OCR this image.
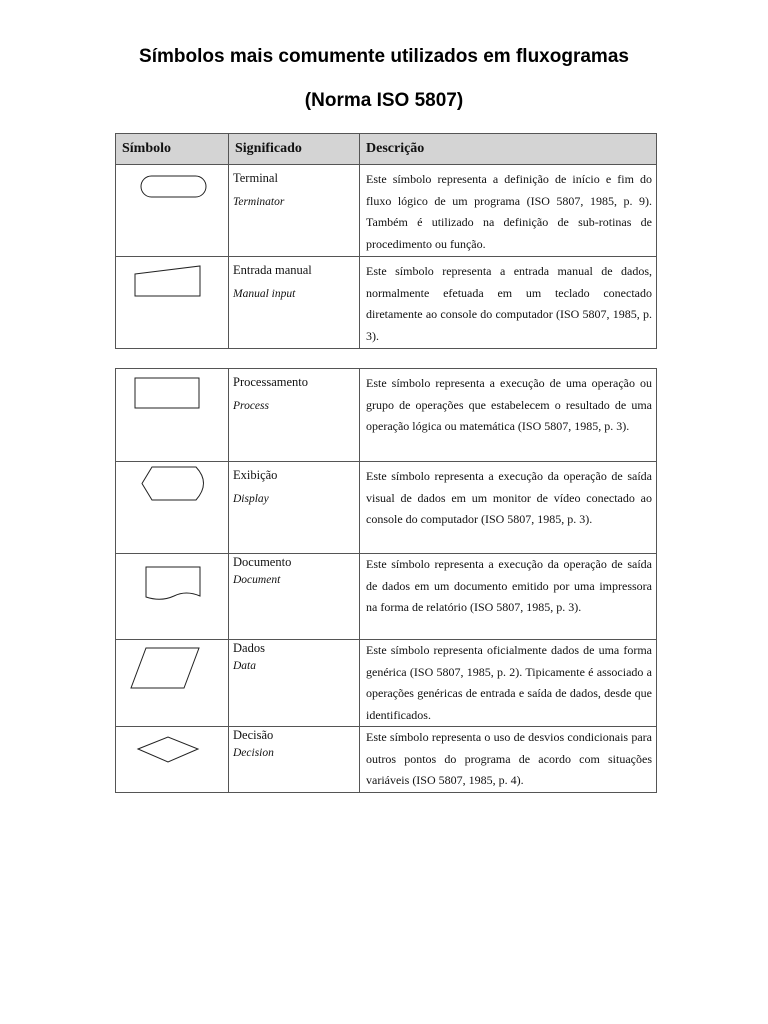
Símbolos mais comumente utilizados em fluxogramas
(Norma ISO 5807)
Símbolo	Significado	Descrição

Terminal
Terminator	Este símbolo representa a definição de início e fim do fluxo lógico de um programa (ISO 5807, 1985, p. 9). Também é utilizado na definição de sub-rotinas de procedimento ou função.

Entrada manual
Manual input	Este símbolo representa a entrada manual de dados, normalmente efetuada em um teclado conectado diretamente ao console do computador (ISO 5807, 1985, p. 3).

Processamento
Process	Este símbolo representa a execução de uma operação ou grupo de operações que estabelecem o resultado de uma operação lógica ou matemática (ISO 5807, 1985, p. 3).

Exibição
Display	Este símbolo representa a execução da operação de saída visual de dados em um monitor de vídeo conectado ao console do computador (ISO 5807, 1985, p. 3).

Documento
Document	Este símbolo representa a execução da operação de saída de dados em um documento emitido por uma impressora na forma de relatório (ISO 5807, 1985, p. 3).

Dados
Data	Este símbolo representa oficialmente dados de uma forma genérica (ISO 5807, 1985, p. 2). Tipicamente é associado a operações genéricas de entrada e saída de dados, desde que identificados.

Decisão
Decision	Este símbolo representa o uso de desvios condicionais para outros pontos do programa de acordo com situações variáveis (ISO 5807, 1985, p. 4).
